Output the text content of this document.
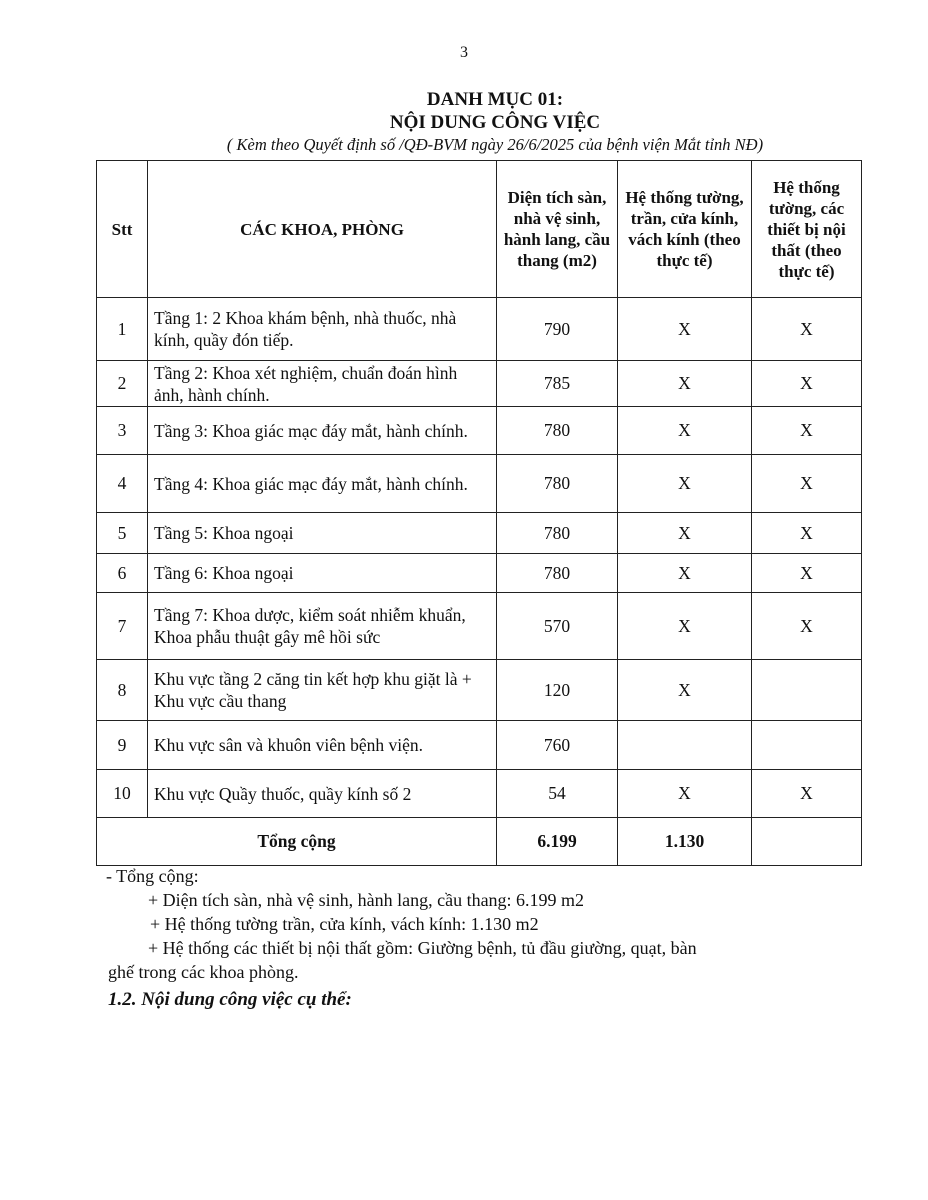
3
DANH MỤC 01:
NỘI DUNG CÔNG VIỆC
( Kèm theo Quyết định số /QĐ-BVM ngày 26/6/2025 của bệnh viện Mắt tỉnh NĐ)
Stt	CÁC KHOA, PHÒNG	Diện tích sàn, nhà vệ sinh, hành lang, cầu thang (m2)	Hệ thống tường, trần, cửa kính, vách kính (theo thực tế)	Hệ thống tường, các thiết bị nội thất (theo thực tế)
1	Tầng 1: 2 Khoa khám bệnh, nhà thuốc, nhà kính, quầy đón tiếp.	790	X	X
2	Tầng 2: Khoa xét nghiệm, chuẩn đoán hình ảnh, hành chính.	785	X	X
3	Tầng 3: Khoa giác mạc đáy mắt, hành chính.	780	X	X
4	Tầng 4: Khoa giác mạc đáy mắt, hành chính.	780	X	X
5	Tầng 5: Khoa ngoại	780	X	X
6	Tầng 6: Khoa ngoại	780	X	X
7	Tầng 7: Khoa dược, kiểm soát nhiễm khuẩn, Khoa phẫu thuật gây mê hồi sức	570	X	X
8	Khu vực tầng 2 căng tin kết hợp khu giặt là + Khu vực cầu thang	120	X	
9	Khu vực sân và khuôn viên bệnh viện.	760		
10	Khu vực Quầy thuốc, quầy kính số 2	54	X	X
Tổng cộng		6.199	1.130	
- Tổng cộng:
+ Diện tích sàn, nhà vệ sinh, hành lang, cầu thang: 6.199 m2
+ Hệ thống tường trần, cửa kính, vách kính: 1.130 m2
+ Hệ thống các thiết bị nội thất gồm: Giường bệnh, tủ đầu giường, quạt, bàn
ghế trong các khoa phòng.
1.2. Nội dung công việc cụ thể:
